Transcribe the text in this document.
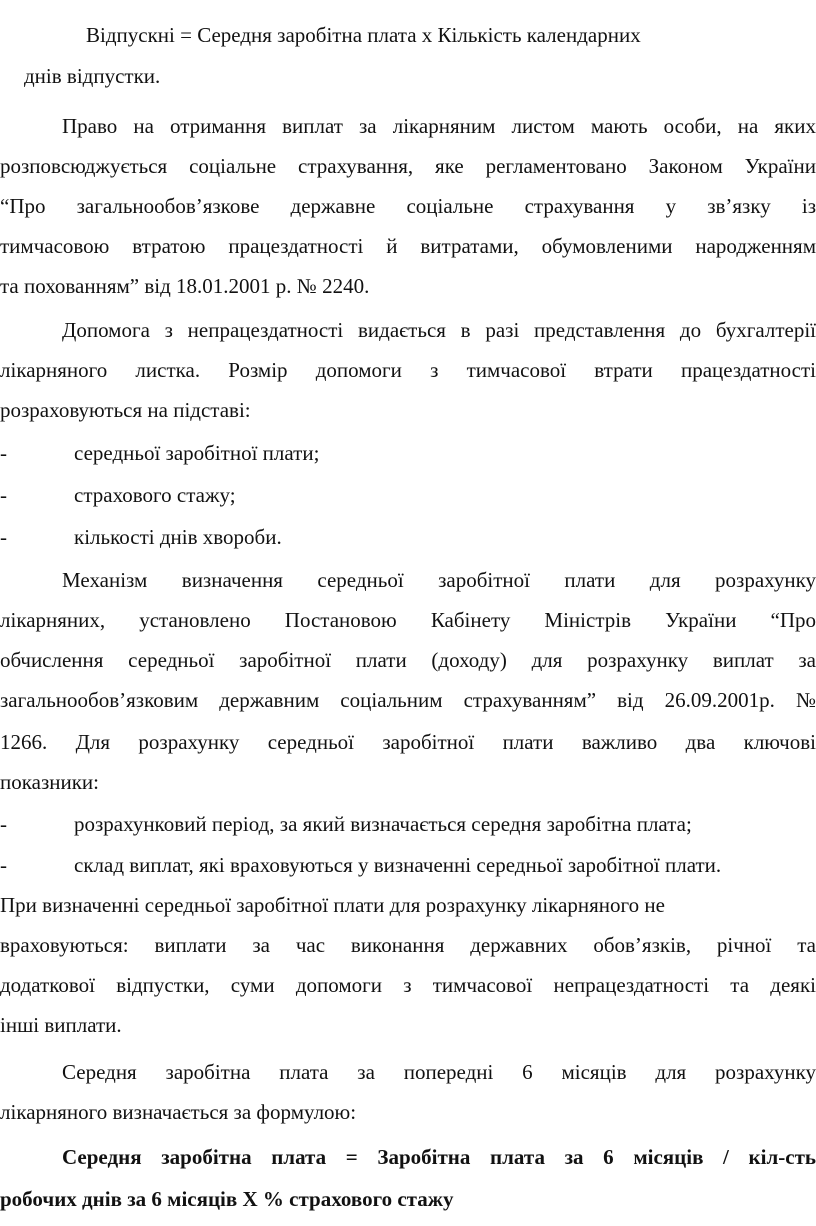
Відпускні = Середня заробітна плата х Кількість календарних
днів відпустки.
Право на отримання виплат за лікарняним листом мають особи, на яких
розповсюджується соціальне страхування, яке регламентовано Законом України
“Про загальнообов’язкове державне соціальне страхування у зв’язку із
тимчасовою втратою працездатності й витратами, обумовленими народженням
та похованням” від 18.01.2001 р. № 2240.
Допомога з непрацездатності видається в разі представлення до бухгалтерії
лікарняного листка. Розмір допомоги з тимчасової втрати працездатності
розраховуються на підставі:
-	середньої заробітної плати;
-	страхового стажу;
-	кількості днів хвороби.
Механізм визначення середньої заробітної плати для розрахунку
лікарняних, установлено Постановою Кабінету Міністрів України “Про
обчислення середньої заробітної плати (доходу) для розрахунку виплат за
загальнообов’язковим державним соціальним страхуванням” від 26.09.2001р. №
1266. Для розрахунку середньої заробітної плати важливо два ключові
показники:
-	розрахунковий період, за який визначається середня заробітна плата;
-	склад виплат, які враховуються у визначенні середньої заробітної плати.
При визначенні середньої заробітної плати для розрахунку лікарняного не
враховуються: виплати за час виконання державних обов’язків, річної та
додаткової відпустки, суми допомоги з тимчасової непрацездатності та деякі
інші виплати.
Середня заробітна плата за попередні 6 місяців для розрахунку
лікарняного визначається за формулою:
Середня заробітна плата = Заробітна плата за 6 місяців / кіл-сть
робочих днів за 6 місяців Х % страхового стажу
